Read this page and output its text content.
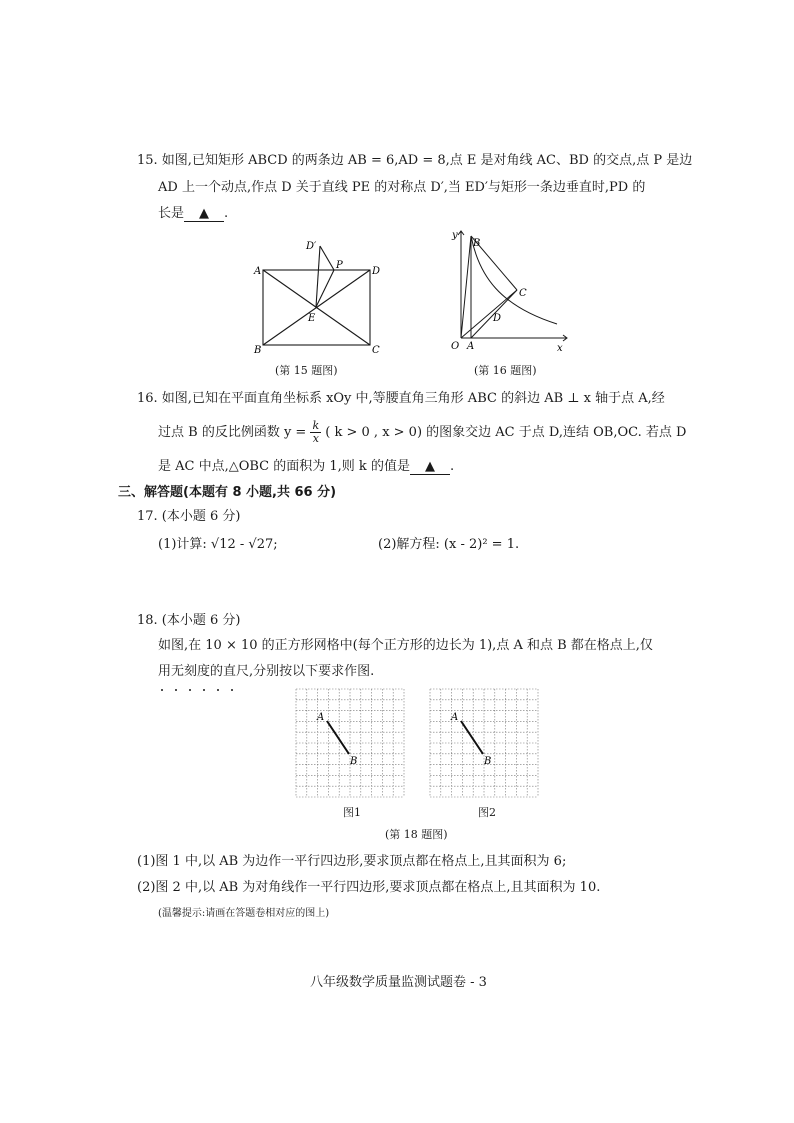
15. 如图,已知矩形 ABCD 的两条边 AB = 6,AD = 8,点 E 是对角线 AC、BD 的交点,点 P 是边
AD 上一个动点,作点 D 关于直线 PE 的对称点 D′,当 ED′与矩形一条边垂直时,PD 的
长是 ▲ .
A	D
B	C
E
P
D′
(第 15 题图)
y
x
O A
B
C
D
(第 16 题图)
16. 如图,已知在平面直角坐标系 xOy 中,等腰直角三角形 ABC 的斜边 AB ⊥ x 轴于点 A,经
过点 B 的反比例函数 $y = \frac{k}{x}$ ( k > 0 , x > 0) 的图象交边 AC 于点 D,连结 OB,OC. 若点 D
是 AC 中点,△OBC 的面积为 1,则 k 的值是 ▲ .
三、解答题(本题有 8 小题,共 66 分)
17. (本小题 6 分)
(1)计算: √12 - √27;	(2)解方程: (x - 2)² = 1.
18. (本小题 6 分)
如图,在 10 × 10 的正方形网格中(每个正方形的边长为 1),点 A 和点 B 都在格点上,仅
用无刻度的直尺,分别按以下要求作图.
A
B
A
B
图1	图2
(第 18 题图)
(1)图 1 中,以 AB 为边作一平行四边形,要求顶点都在格点上,且其面积为 6;
(2)图 2 中,以 AB 为对角线作一平行四边形,要求顶点都在格点上,且其面积为 10.
(温馨提示:请画在答题卷相对应的图上)
八年级数学质量监测试题卷 - 3
